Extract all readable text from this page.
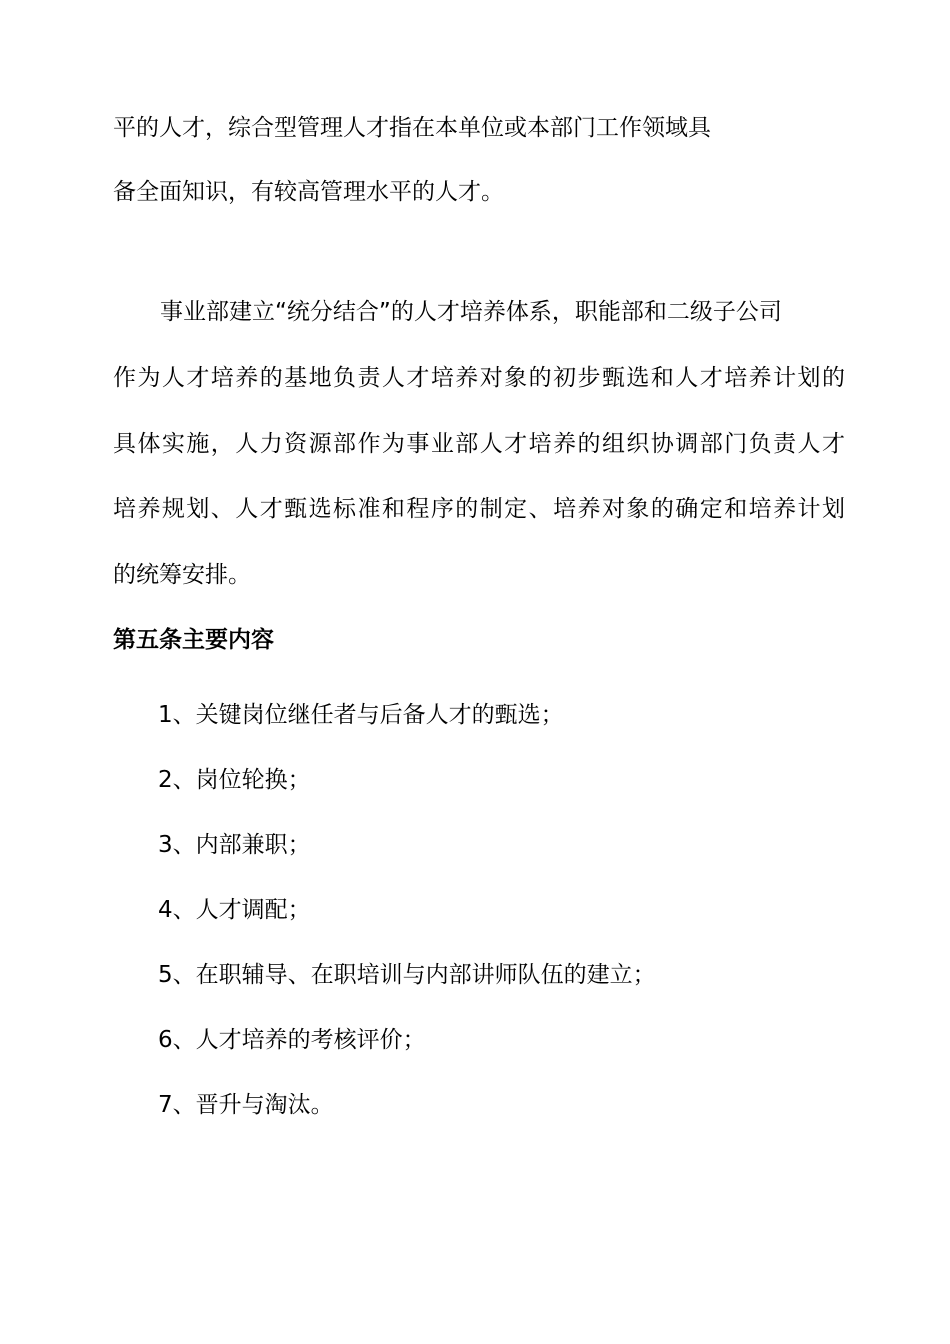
平的人才，综合型管理人才指在本单位或本部门工作领域具
备全面知识，有较高管理水平的人才。
事业部建立“统分结合”的人才培养体系，职能部和二级子公司
作为人才培养的基地负责人才培养对象的初步甄选和人才培养计划的
具体实施，人力资源部作为事业部人才培养的组织协调部门负责人才
培养规划、人才甄选标准和程序的制定、培养对象的确定和培养计划
的统筹安排。
第五条主要内容
1、关键岗位继任者与后备人才的甄选；
2、岗位轮换；
3、内部兼职；
4、人才调配；
5、在职辅导、在职培训与内部讲师队伍的建立；
6、人才培养的考核评价；
7、晋升与淘汰。
